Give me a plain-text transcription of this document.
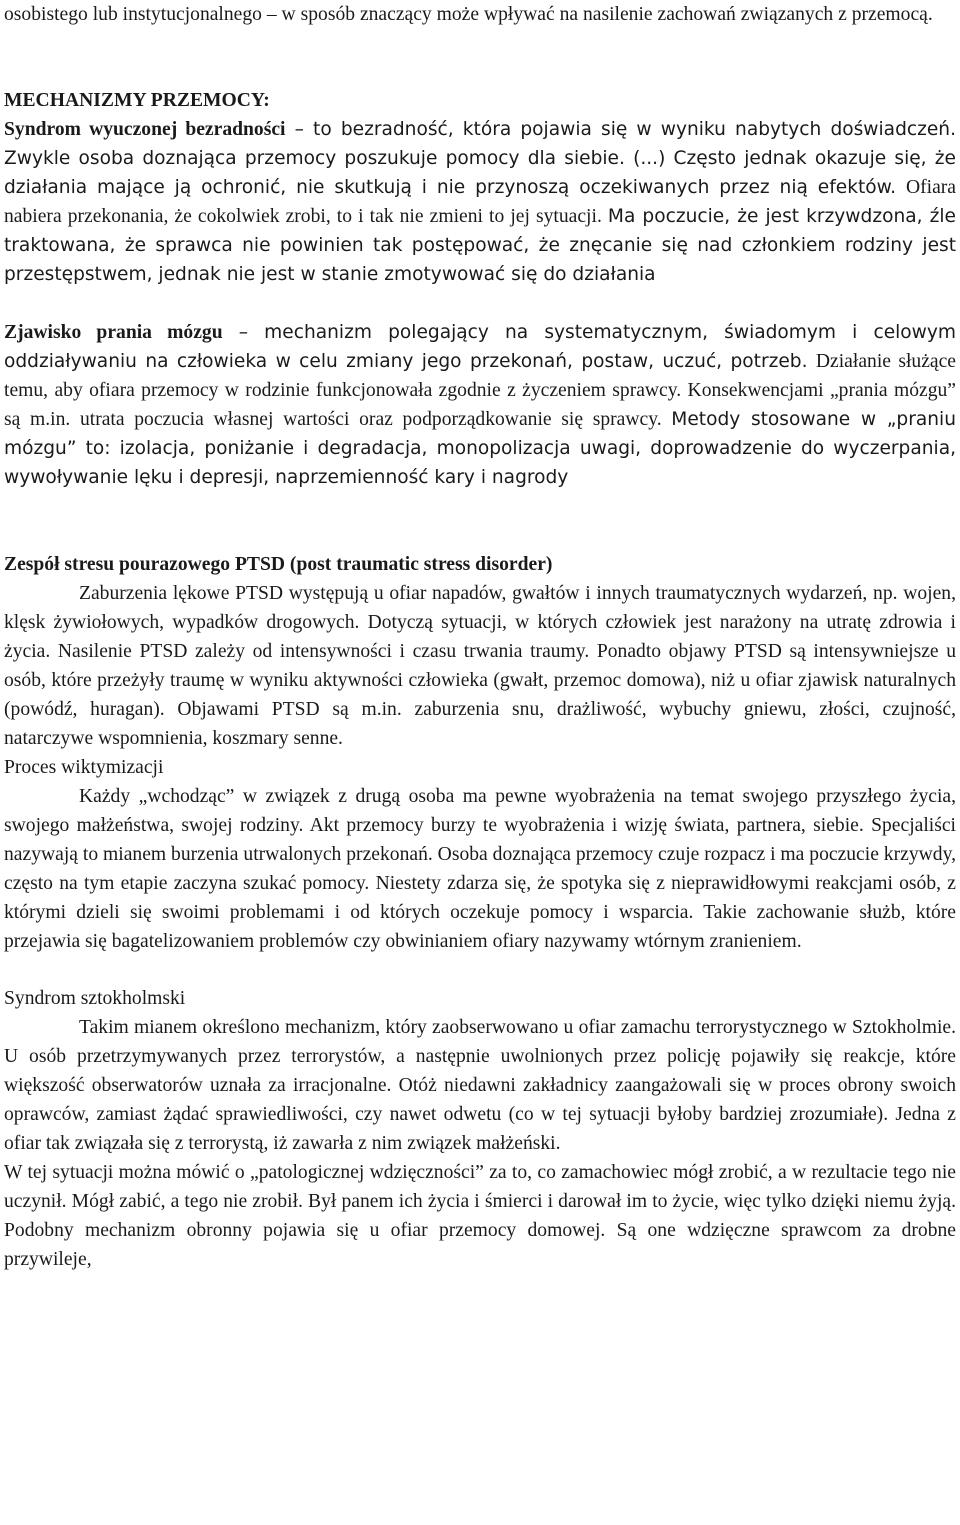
osobistego lub instytucjonalnego – w sposób znaczący może wpływać na nasilenie zachowań związanych z przemocą.

MECHANIZMY PRZEMOCY:

Syndrom wyuczonej bezradności – to bezradność, która pojawia się w wyniku nabytych doświadczeń. Zwykle osoba doznająca przemocy poszukuje pomocy dla siebie. (...) Często jednak okazuje się, że działania mające ją ochronić, nie skutkują i nie przynoszą oczekiwanych przez nią efektów. Ofiara nabiera przekonania, że cokolwiek zrobi, to i tak nie zmieni to jej sytuacji. Ma poczucie, że jest krzywdzona, źle traktowana, że sprawca nie powinien tak postępować, że znęcanie się nad członkiem rodziny jest przestępstwem, jednak nie jest w stanie zmotywować się do działania

Zjawisko prania mózgu – mechanizm polegający na systematycznym, świadomym i celowym oddziaływaniu na człowieka w celu zmiany jego przekonań, postaw, uczuć, potrzeb. Działanie służące temu, aby ofiara przemocy w rodzinie funkcjonowała zgodnie z życzeniem sprawcy. Konsekwencjami „prania mózgu” są m.in. utrata poczucia własnej wartości oraz podporządkowanie się sprawcy. Metody stosowane w „praniu mózgu” to: izolacja, poniżanie i degradacja, monopolizacja uwagi, doprowadzenie do wyczerpania, wywoływanie lęku i depresji, naprzemienność kary i nagrody

Zespół stresu pourazowego PTSD (post traumatic stress disorder)

Zaburzenia lękowe PTSD występują u ofiar napadów, gwałtów i innych traumatycznych wydarzeń, np. wojen, klęsk żywiołowych, wypadków drogowych. Dotyczą sytuacji, w których człowiek jest narażony na utratę zdrowia i życia. Nasilenie PTSD zależy od intensywności i czasu trwania traumy. Ponadto objawy PTSD są intensywniejsze u osób, które przeżyły traumę w wyniku aktywności człowieka (gwałt, przemoc domowa), niż u ofiar zjawisk naturalnych (powódź, huragan). Objawami PTSD są m.in. zaburzenia snu, drażliwość, wybuchy gniewu, złości, czujność, natarczywe wspomnienia, koszmary senne.

Proces wiktymizacji

Każdy „wchodząc” w związek z drugą osoba ma pewne wyobrażenia na temat swojego przyszłego życia, swojego małżeństwa, swojej rodziny. Akt przemocy burzy te wyobrażenia i wizję świata, partnera, siebie. Specjaliści nazywają to mianem burzenia utrwalonych przekonań. Osoba doznająca przemocy czuje rozpacz i ma poczucie krzywdy, często na tym etapie zaczyna szukać pomocy. Niestety zdarza się, że spotyka się z nieprawidłowymi reakcjami osób, z którymi dzieli się swoimi problemami i od których oczekuje pomocy i wsparcia. Takie zachowanie służb, które przejawia się bagatelizowaniem problemów czy obwinianiem ofiary nazywamy wtórnym zranieniem.

Syndrom sztokholmski

Takim mianem określono mechanizm, który zaobserwowano u ofiar zamachu terrorystycznego w Sztokholmie. U osób przetrzymywanych przez terrorystów, a następnie uwolnionych przez policję pojawiły się reakcje, które większość obserwatorów uznała za irracjonalne. Otóż niedawni zakładnicy zaangażowali się w proces obrony swoich oprawców, zamiast żądać sprawiedliwości, czy nawet odwetu (co w tej sytuacji byłoby bardziej zrozumiałe). Jedna z ofiar tak związała się z terrorystą, iż zawarła z nim związek małżeński.

W tej sytuacji można mówić o „patologicznej wdzięczności” za to, co zamachowiec mógł zrobić, a w rezultacie tego nie uczynił. Mógł zabić, a tego nie zrobił. Był panem ich życia i śmierci i darował im to życie, więc tylko dzięki niemu żyją. Podobny mechanizm obronny pojawia się u ofiar przemocy domowej. Są one wdzięczne sprawcom za drobne przywileje,
